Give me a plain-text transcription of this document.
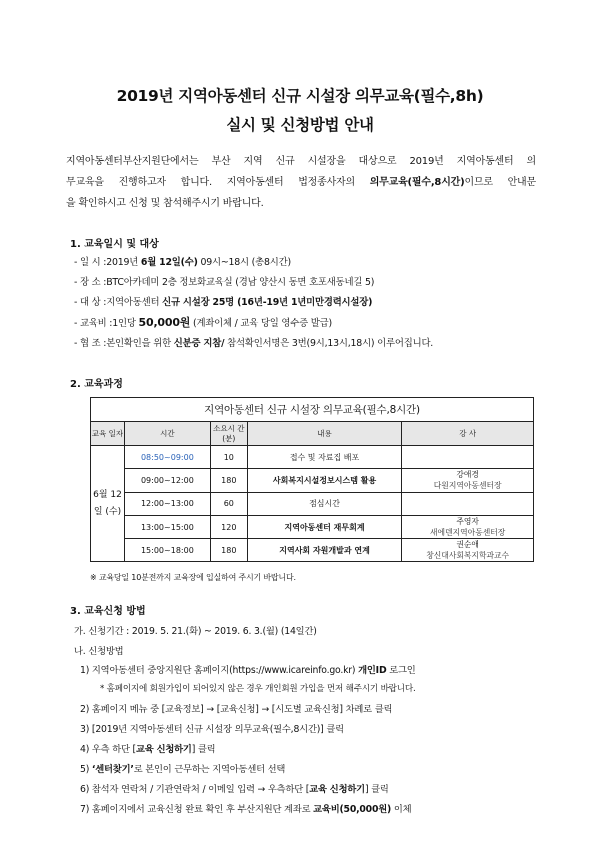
2019년 지역아동센터 신규 시설장 의무교육(필수,8h)
실시 및 신청방법 안내
지역아동센터부산지원단에서는 부산 지역 신규 시설장을 대상으로 2019년 지역아동센터 의
무교육을 진행하고자 합니다. 지역아동센터 법정종사자의 의무교육(필수,8시간)이므로 안내문
을 확인하시고 신청 및 참석해주시기 바랍니다.
1. 교육일시 및 대상
- 일 시 :2019년 6월 12일(수) 09시~18시 (총8시간)
- 장 소 :BTC아카데미 2층 정보화교육실 (경남 양산시 동면 호포새동네길 5)
- 대 상 :지역아동센터 신규 시설장 25명 (16년-19년 1년미만경력시설장)
- 교육비 :1인당 50,000원 (계좌이체 / 교육 당일 영수증 발급)
- 협 조 :본인확인을 위한 신분증 지참/ 참석확인서명은 3번(9시,13시,18시) 이루어집니다.
2. 교육과정
지역아동센터 신규 시설장 의무교육(필수,8시간)				
교육 일자	시간	소요시 간(분)	내용	강 사
6월 12일 (수)	08:50~09:00	10	접수 및 자료집 배포	

	09:00~12:00	180	사회복지시설정보시스템 활용	강애경
다원지역아동센터장

	12:00~13:00	60	점심시간	

	13:00~15:00	120	지역아동센터 재무회계	주영자
새에덴지역아동센터장

	15:00~18:00	180	지역사회 자원개발과 연계	권순애
창신대사회복지학과교수
※ 교육당일 10분전까지 교육장에 입실하여 주시기 바랍니다.
3. 교육신청 방법
가. 신청기간 : 2019. 5. 21.(화) ~ 2019. 6. 3.(월) (14일간)
나. 신청방법
1) 지역아동센터 중앙지원단 홈페이지(https://www.icareinfo.go.kr) 개인ID 로그인
* 홈페이지에 회원가입이 되어있지 않은 경우 개인회원 가입을 먼저 해주시기 바랍니다.
2) 홈페이지 메뉴 중 [교육정보] → [교육신청] → [시도별 교육신청] 차례로 클릭
3) [2019년 지역아동센터 신규 시설장 의무교육(필수,8시간)] 클릭
4) 우측 하단 [교육 신청하기] 클릭
5) ‘센터찾기’로 본인이 근무하는 지역아동센터 선택
6) 참석자 연락처 / 기관연락처 / 이메일 입력 → 우측하단 [교육 신청하기] 클릭
7) 홈페이지에서 교육신청 완료 확인 후 부산지원단 계좌로 교육비(50,000원) 이체
